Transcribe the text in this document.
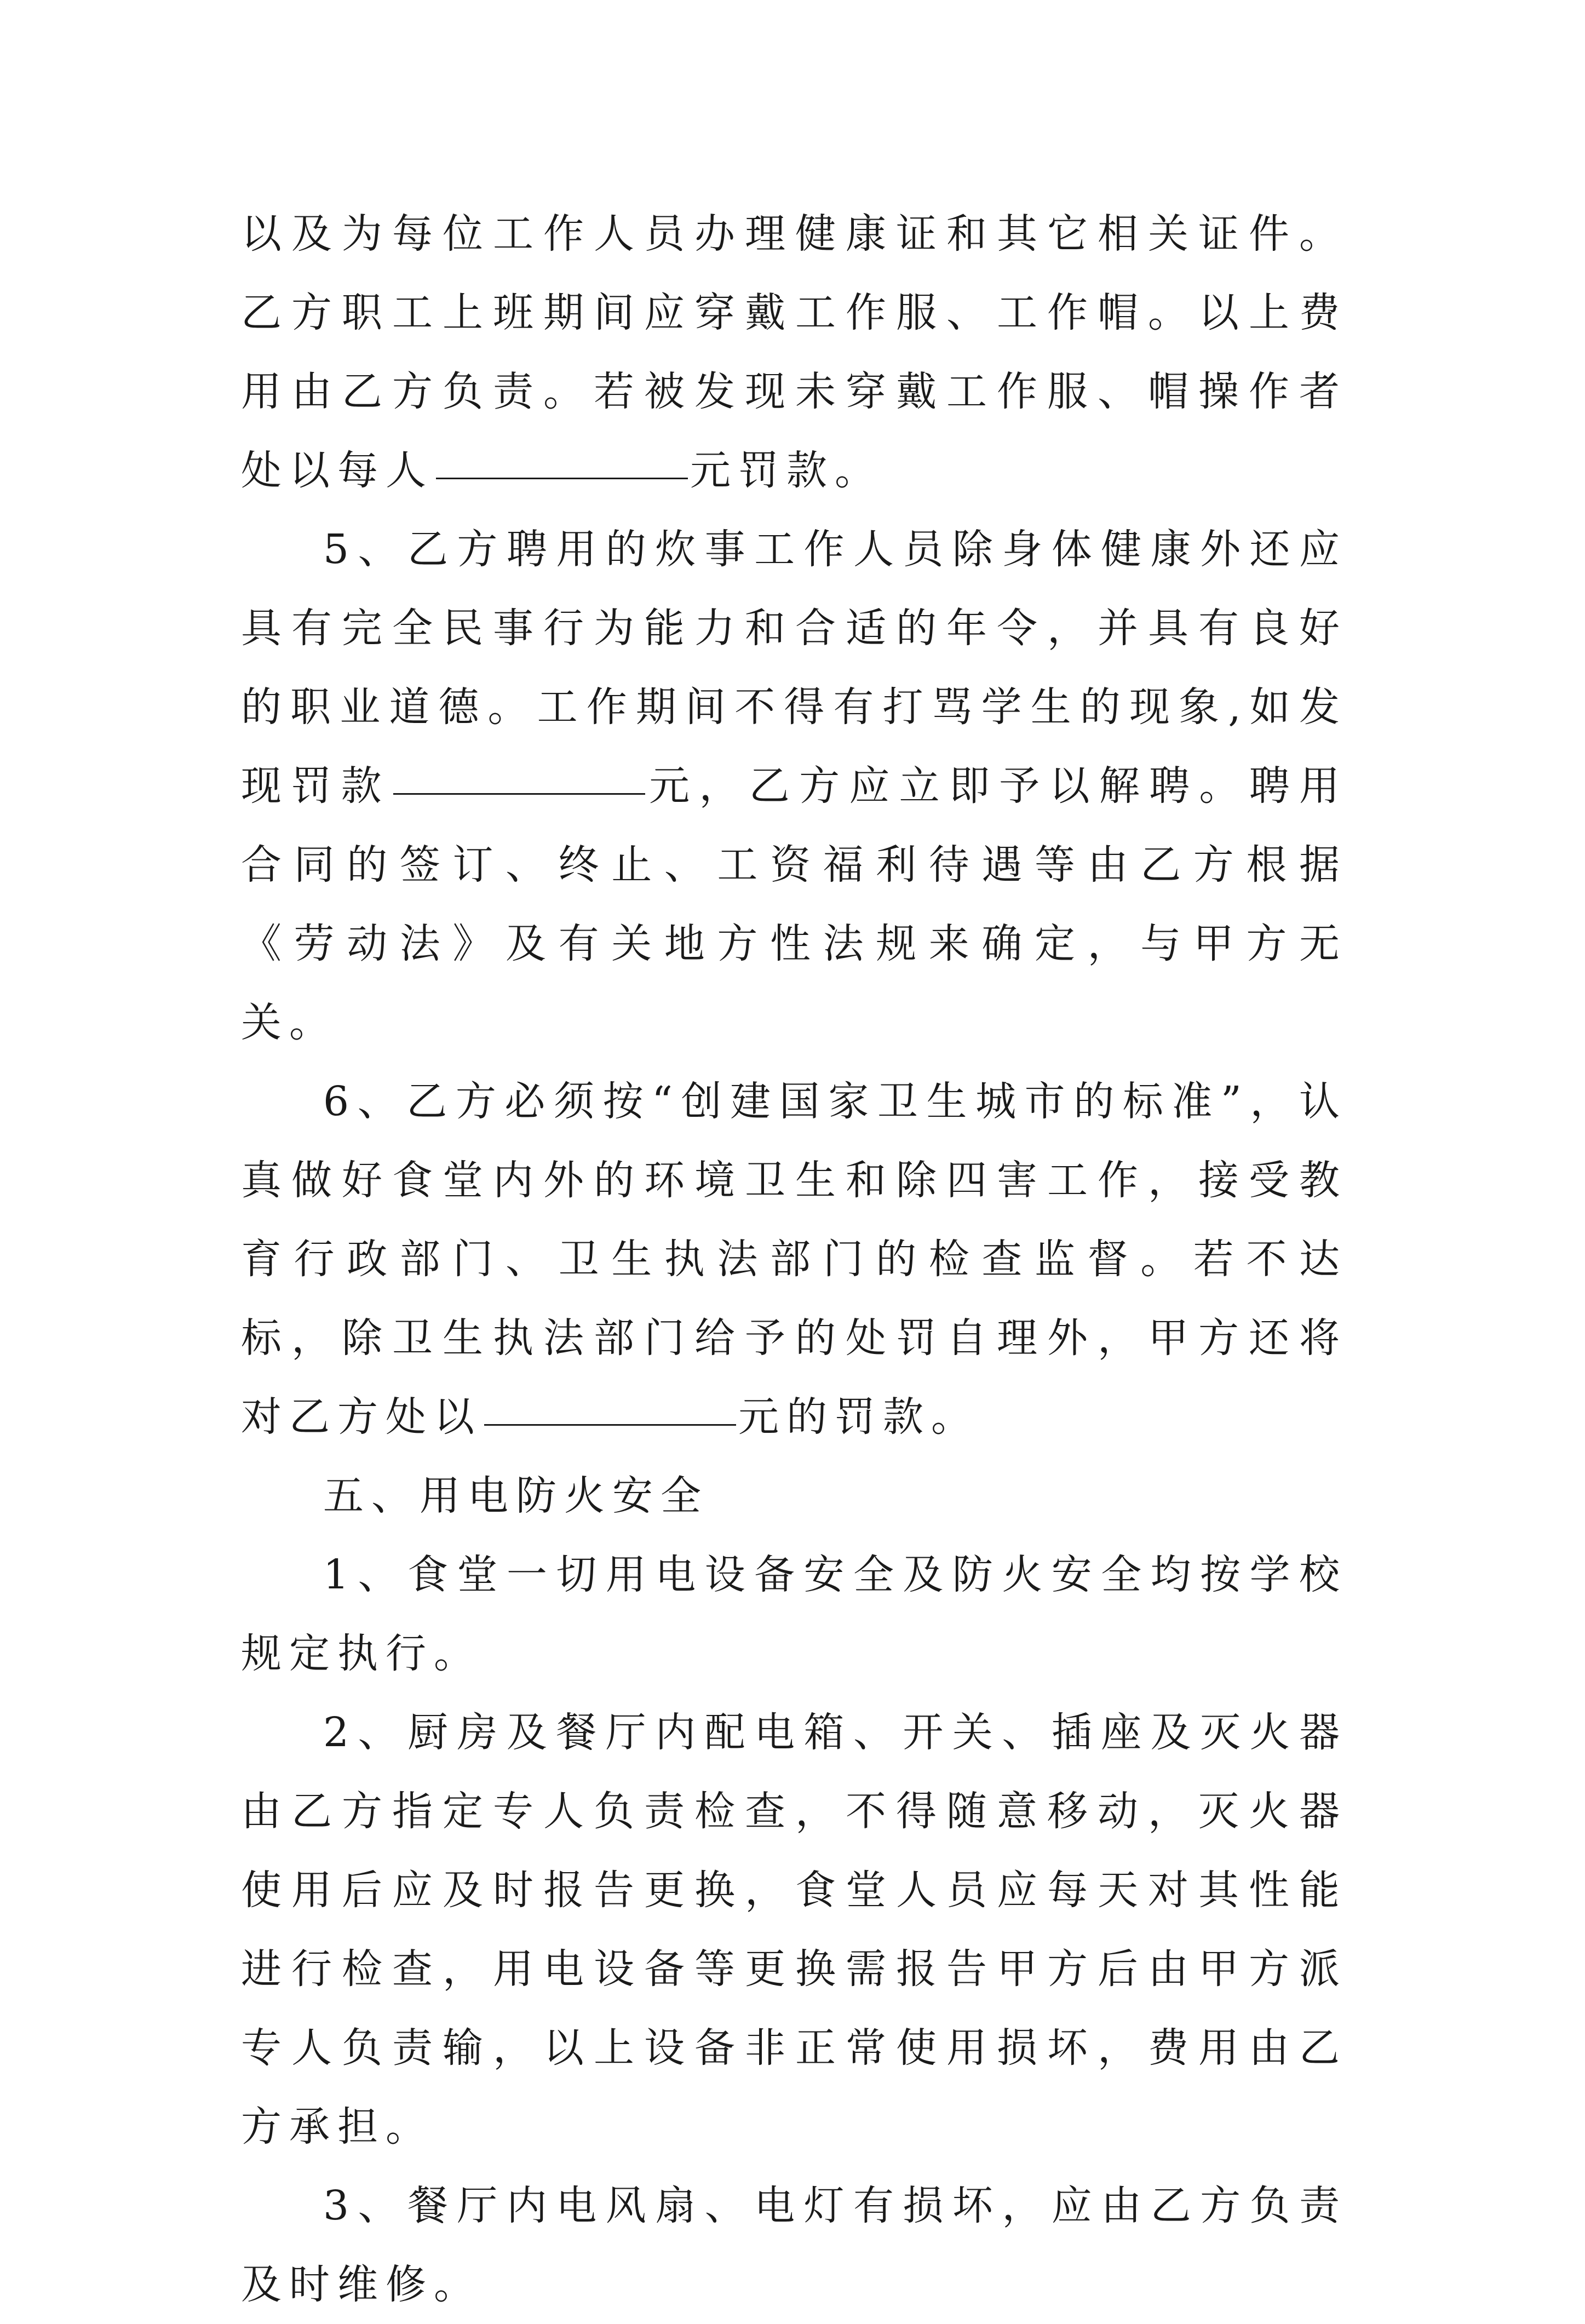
以及为每位工作人员办理健康证和其它相关证件。乙方职工上班期间应穿戴工作服、工作帽。以上费用由乙方负责。若被发现未穿戴工作服、帽操作者处以每人	元罚款。

5、乙方聘用的炊事工作人员除身体健康外还应具有完全民事行为能力和合适的年令，并具有良好的职业道德。工作期间不得有打骂学生的现象,如发现罚款	元，乙方应立即予以解聘。聘用合同的签订、终止、工资福利待遇等由乙方根据《劳动法》及有关地方性法规来确定，与甲方无关。

6、乙方必须按“创建国家卫生城市的标准”，认真做好食堂内外的环境卫生和除四害工作，接受教育行政部门、卫生执法部门的检查监督。若不达标，除卫生执法部门给予的处罚自理外，甲方还将对乙方处以	元的罚款。

五、用电防火安全

1、食堂一切用电设备安全及防火安全均按学校规定执行。

2、厨房及餐厅内配电箱、开关、插座及灭火器由乙方指定专人负责检查，不得随意移动，灭火器使用后应及时报告更换，食堂人员应每天对其性能进行检查，用电设备等更换需报告甲方后由甲方派专人负责输，以上设备非正常使用损坏，费用由乙方承担。

3、餐厅内电风扇、电灯有损坏，应由乙方负责及时维修。
